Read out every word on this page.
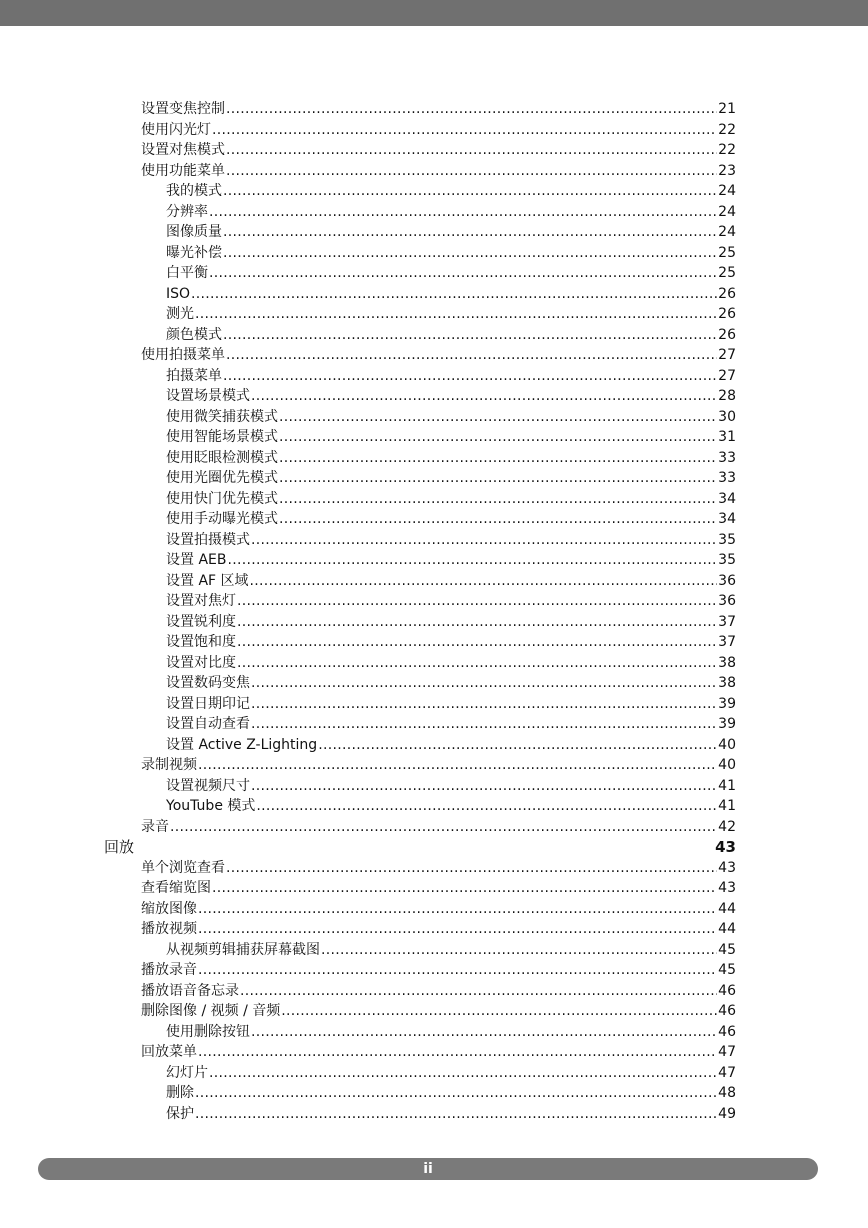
设置变焦控制 .....	21
使用闪光灯 .....	22
设置对焦模式 .....	22
使用功能菜单 .....	23
我的模式 .....	24
分辨率 .....	24
图像质量 .....	24
曝光补偿 .....	25
白平衡 .....	25
ISO .....	26
测光 .....	26
颜色模式 .....	26
使用拍摄菜单 .....	27
拍摄菜单 .....	27
设置场景模式 .....	28
使用微笑捕获模式 .....	30
使用智能场景模式 .....	31
使用眨眼检测模式 .....	33
使用光圈优先模式 .....	33
使用快门优先模式 .....	34
使用手动曝光模式 .....	34
设置拍摄模式 .....	35
设置 AEB .....	35
设置 AF 区域 .....	36
设置对焦灯 .....	36
设置锐利度 .....	37
设置饱和度 .....	37
设置对比度 .....	38
设置数码变焦 .....	38
设置日期印记 .....	39
设置自动查看 .....	39
设置 Active Z-Lighting .....	40
录制视频 .....	40
设置视频尺寸 .....	41
YouTube 模式 .....	41
录音 .....	42
回放	43
单个浏览查看 .....	43
查看缩览图 .....	43
缩放图像 .....	44
播放视频 .....	44
从视频剪辑捕获屏幕截图 .....	45
播放录音 .....	45
播放语音备忘录 .....	46
删除图像 / 视频 / 音频 .....	46
使用删除按钮 .....	46
回放菜单 .....	47
幻灯片 .....	47
删除 .....	48
保护 .....	49
ii
